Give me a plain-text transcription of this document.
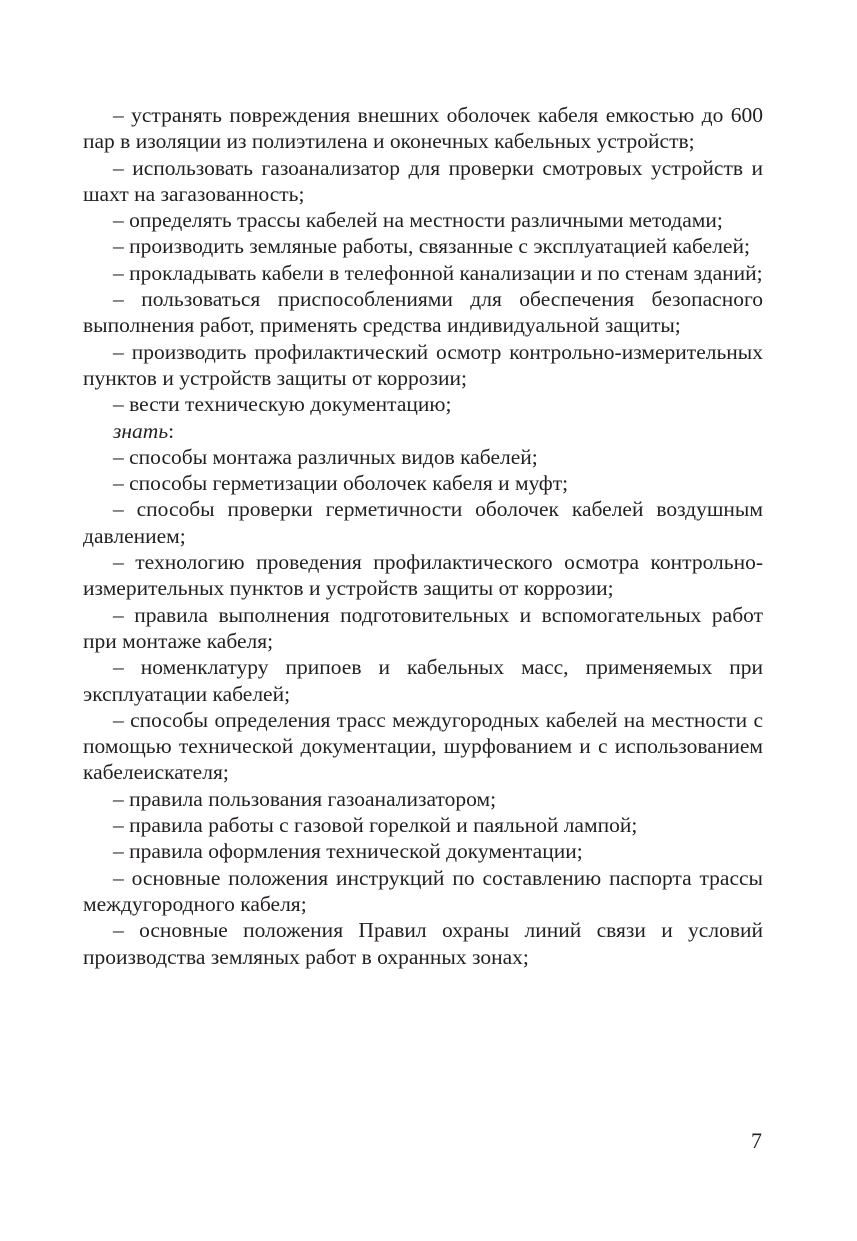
– устранять повреждения внешних оболочек кабеля емкостью до 600 пар в изоляции из полиэтилена и оконечных кабельных устройств;

– использовать газоанализатор для проверки смотровых устройств и шахт на загазованность;

– определять трассы кабелей на местности различными методами;

– производить земляные работы, связанные с эксплуатацией кабелей;

– прокладывать кабели в телефонной канализации и по стенам зданий;

– пользоваться приспособлениями для обеспечения безопасного выполнения работ, применять средства индивидуальной защиты;

– производить профилактический осмотр контрольно-измерительных пунктов и устройств защиты от коррозии;

– вести техническую документацию;

знать:

– способы монтажа различных видов кабелей;

– способы герметизации оболочек кабеля и муфт;

– способы проверки герметичности оболочек кабелей воздушным давлением;

– технологию проведения профилактического осмотра контрольно-измерительных пунктов и устройств защиты от коррозии;

– правила выполнения подготовительных и вспомогательных работ при монтаже кабеля;

– номенклатуру припоев и кабельных масс, применяемых при эксплуатации кабелей;

– способы определения трасс междугородных кабелей на местности с помощью технической документации, шурфованием и с использованием кабелеискателя;

– правила пользования газоанализатором;

– правила работы с газовой горелкой и паяльной лампой;

– правила оформления технической документации;

– основные положения инструкций по составлению паспорта трассы междугородного кабеля;

– основные положения Правил охраны линий связи и условий производства земляных работ в охранных зонах;

7
